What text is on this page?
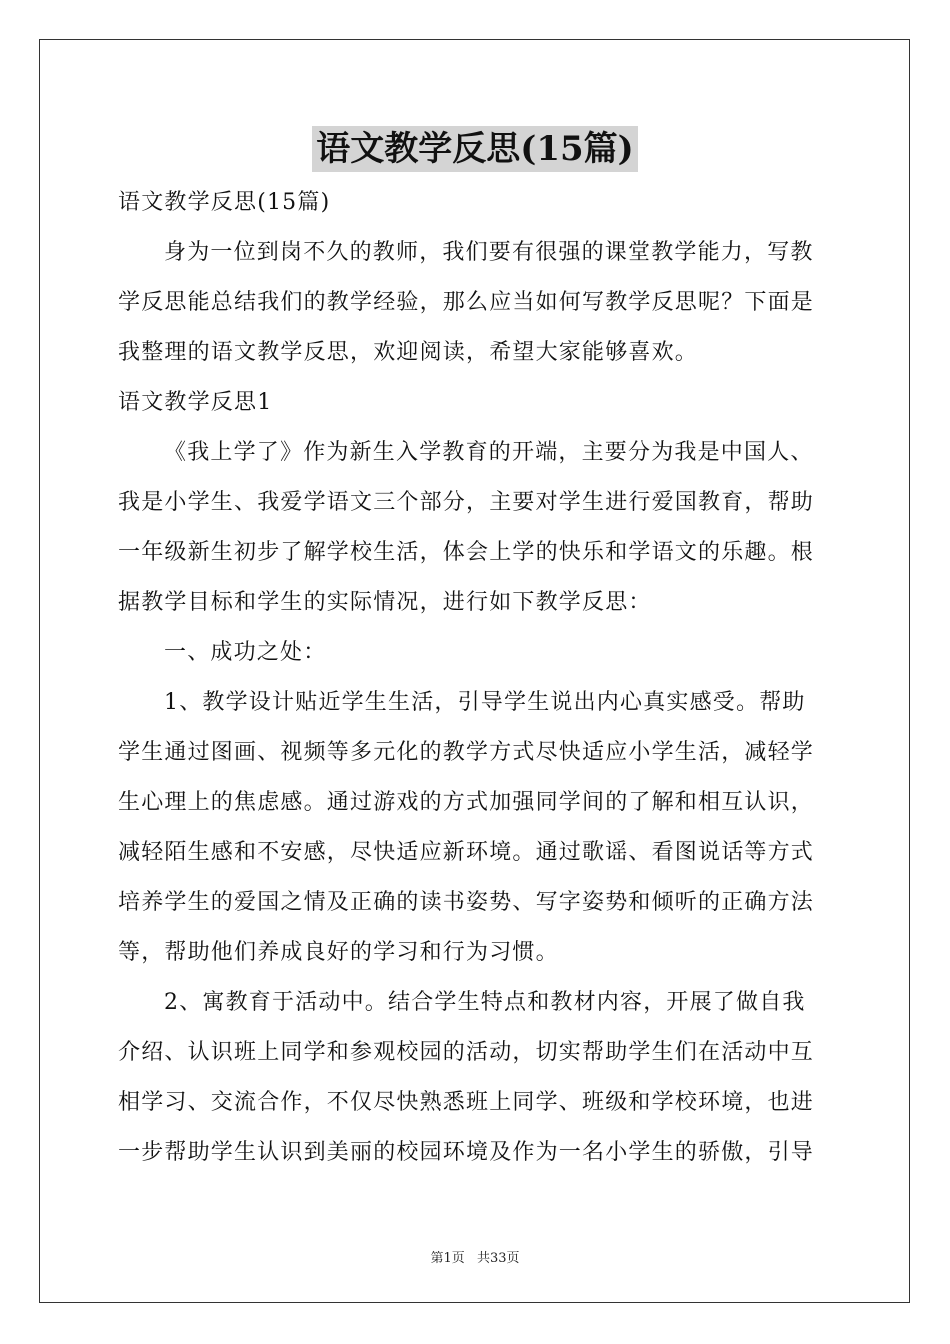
语文教学反思(15篇)

语文教学反思(15篇)

身为一位到岗不久的教师，我们要有很强的课堂教学能力，写教

学反思能总结我们的教学经验，那么应当如何写教学反思呢？下面是

我整理的语文教学反思，欢迎阅读，希望大家能够喜欢。

语文教学反思1

《我上学了》作为新生入学教育的开端，主要分为我是中国人、

我是小学生、我爱学语文三个部分，主要对学生进行爱国教育，帮助

一年级新生初步了解学校生活，体会上学的快乐和学语文的乐趣。根

据教学目标和学生的实际情况，进行如下教学反思：

一、成功之处：

1、教学设计贴近学生生活，引导学生说出内心真实感受。帮助

学生通过图画、视频等多元化的教学方式尽快适应小学生活，减轻学

生心理上的焦虑感。通过游戏的方式加强同学间的了解和相互认识，

减轻陌生感和不安感，尽快适应新环境。通过歌谣、看图说话等方式

培养学生的爱国之情及正确的读书姿势、写字姿势和倾听的正确方法

等，帮助他们养成良好的学习和行为习惯。

2、寓教育于活动中。结合学生特点和教材内容，开展了做自我

介绍、认识班上同学和参观校园的活动，切实帮助学生们在活动中互

相学习、交流合作，不仅尽快熟悉班上同学、班级和学校环境，也进

一步帮助学生认识到美丽的校园环境及作为一名小学生的骄傲，引导

第1页 共33页
